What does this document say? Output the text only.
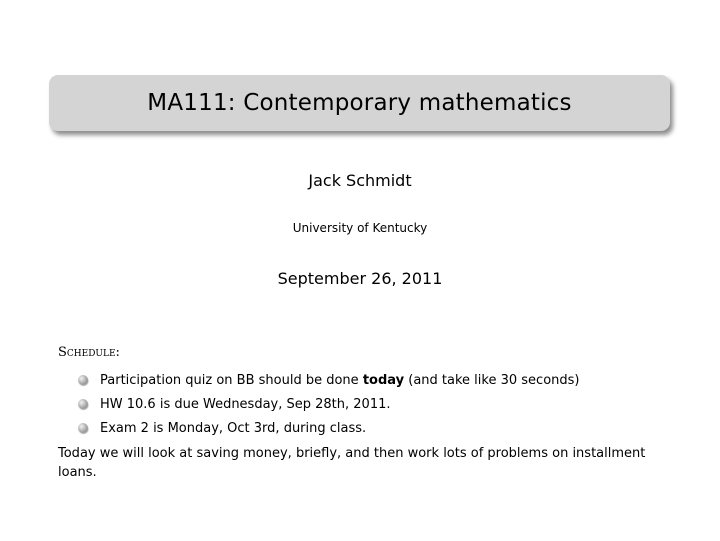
MA111: Contemporary mathematics
Jack Schmidt
University of Kentucky
September 26, 2011
Schedule:
Participation quiz on BB should be done today (and take like 30 seconds)
HW 10.6 is due Wednesday, Sep 28th, 2011.
Exam 2 is Monday, Oct 3rd, during class.
Today we will look at saving money, briefly, and then work lots of problems on installment loans.
